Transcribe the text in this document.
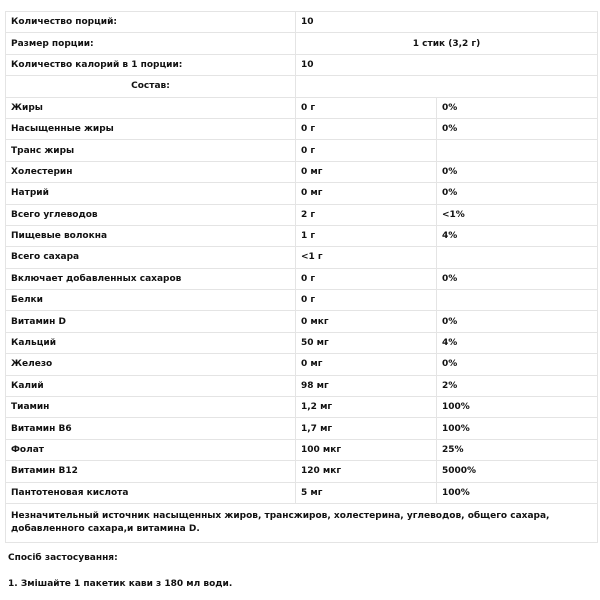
Количество порций:	10	
Размер порции:	1 стик (3,2 г)	
Количество калорий в 1 порции:	10	
Состав:		
Жиры	0 г	0%
Насыщенные жиры	0 г	0%
Транс жиры	0 г	
Холестерин	0 мг	0%
Натрий	0 мг	0%
Всего углеводов	2 г	<1%
Пищевые волокна	1 г	4%
Всего сахара	<1 г	
Включает добавленных сахаров	0 г	0%
Белки	0 г	
Витамин D	0 мкг	0%
Кальций	50 мг	4%
Железо	0 мг	0%
Калий	98 мг	2%
Тиамин	1,2 мг	100%
Витамин B6	1,7 мг	100%
Фолат	100 мкг	25%
Витамин B12	120 мкг	5000%
Пантотеновая кислота	5 мг	100%
Незначительный источник насыщенных жиров, трансжиров, холестерина, углеводов, общего сахара, добавленного сахара,и витамина D.		
Спосіб застосування:
1. Змішайте 1 пакетик кави з 180 мл води.
